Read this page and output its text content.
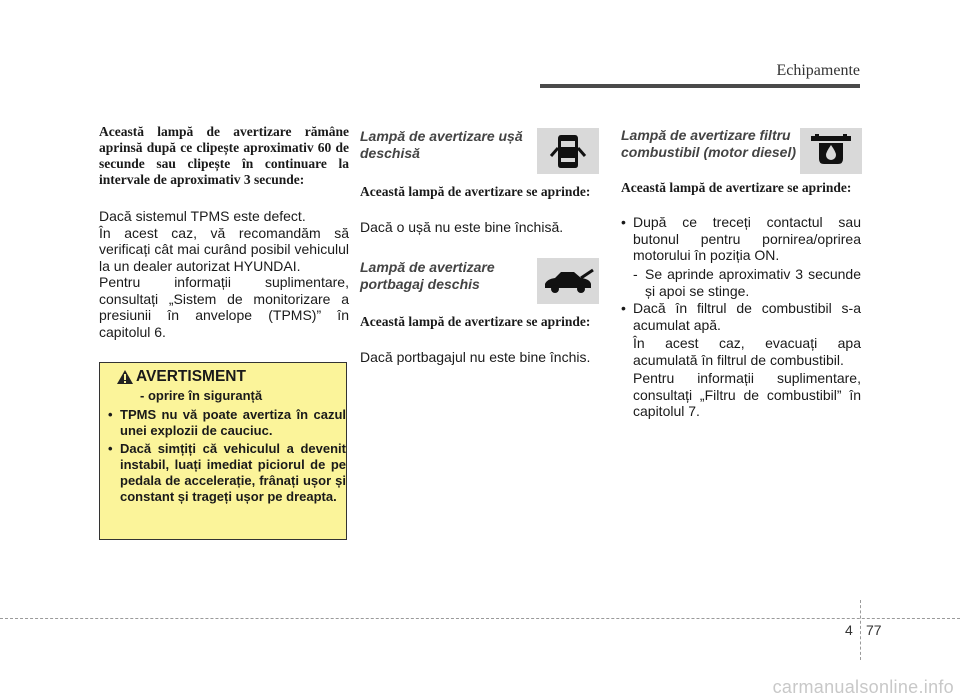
Echipamente
Această lampă de avertizare rămâne aprinsă după ce clipește aproximativ 60 de secunde sau clipește în continuare la intervale de aproximativ 3 secunde:
Dacă sistemul TPMS este defect.
În acest caz, vă recomandăm să verificați cât mai curând posibil vehiculul la un dealer autorizat HYUNDAI.
Pentru informații suplimentare, consultați „Sistem de monitorizare a presiunii în anvelope (TPMS)” în capitolul 6.
AVERTISMENT
- oprire în siguranță
• TPMS nu vă poate avertiza în cazul unei explozii de cauciuc.
• Dacă simțiți că vehiculul a devenit instabil, luați imediat piciorul de pe pedala de accelerație, frânați ușor și constant și trageți ușor pe dreapta.
Lampă de avertizare ușă deschisă
Această lampă de avertizare se aprinde:
Dacă o ușă nu este bine închisă.
Lampă de avertizare portbagaj deschis
Această lampă de avertizare se aprinde:
Dacă portbagajul nu este bine închis.
Lampă de avertizare filtru combustibil (motor diesel)
Această lampă de avertizare se aprinde:
• După ce treceți contactul sau butonul pentru pornirea/oprirea motorului în poziția ON.
- Se aprinde aproximativ 3 secunde și apoi se stinge.
• Dacă în filtrul de combustibil s-a acumulat apă.
În acest caz, evacuați apa acumulată în filtrul de combustibil.
Pentru informații suplimentare, consultați „Filtru de combustibil” în capitolul 7.
4 77
carmanualsonline.info
